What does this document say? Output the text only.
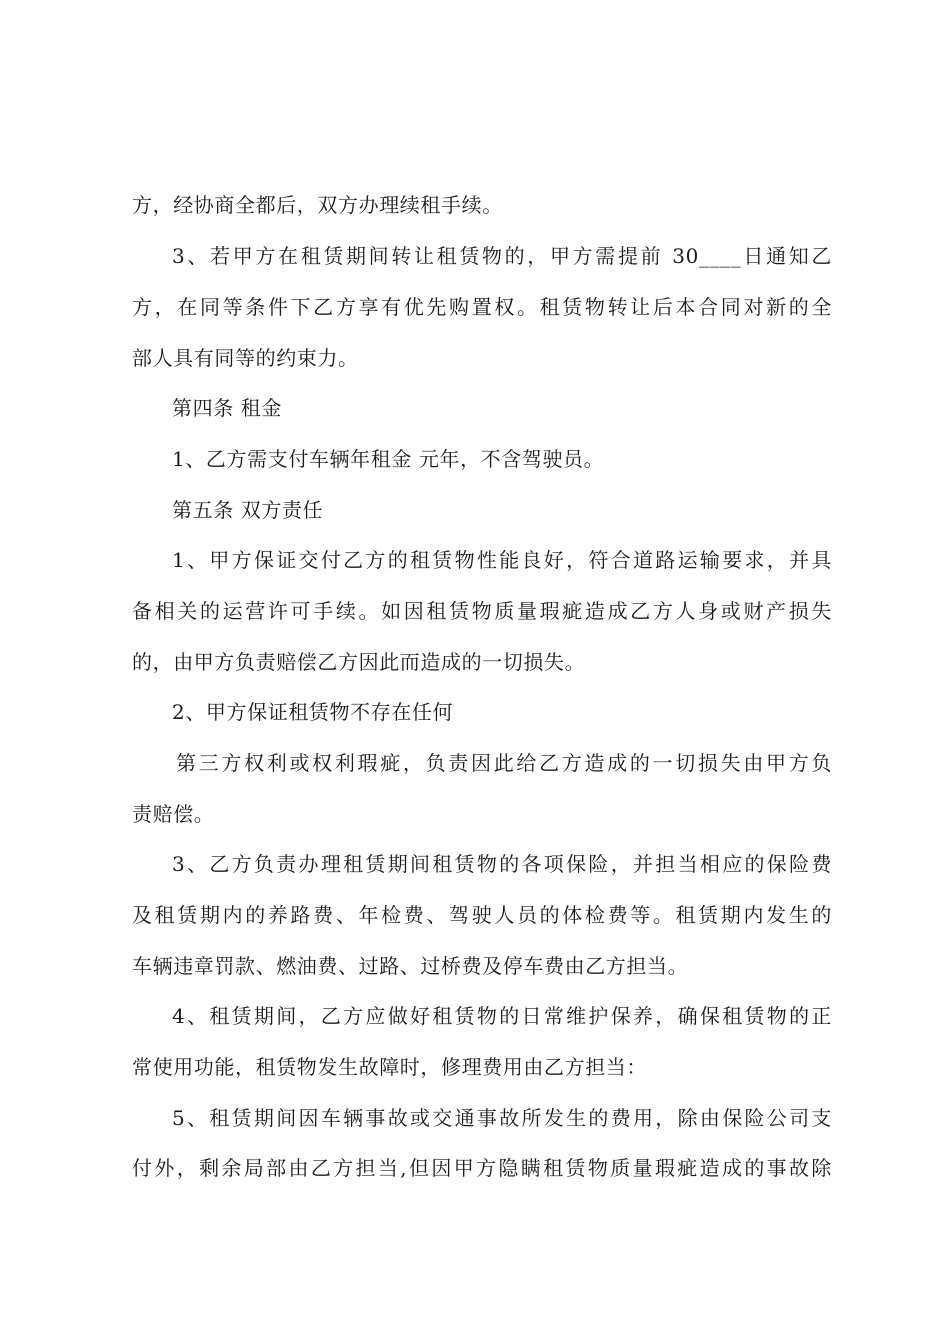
方，经协商全都后，双方办理续租手续。
3、若甲方在租赁期间转让租赁物的，甲方需提前 30____日通知乙
方，在同等条件下乙方享有优先购置权。租赁物转让后本合同对新的全
部人具有同等的约束力。
第四条 租金
1、乙方需支付车辆年租金 元年，不含驾驶员。
第五条 双方责任
1、甲方保证交付乙方的租赁物性能良好，符合道路运输要求，并具
备相关的运营许可手续。如因租赁物质量瑕疵造成乙方人身或财产损失
的，由甲方负责赔偿乙方因此而造成的一切损失。
2、甲方保证租赁物不存在任何
第三方权利或权利瑕疵，负责因此给乙方造成的一切损失由甲方负
责赔偿。
3、乙方负责办理租赁期间租赁物的各项保险，并担当相应的保险费
及租赁期内的养路费、年检费、驾驶人员的体检费等。租赁期内发生的
车辆违章罚款、燃油费、过路、过桥费及停车费由乙方担当。
4、租赁期间，乙方应做好租赁物的日常维护保养，确保租赁物的正
常使用功能，租赁物发生故障时，修理费用由乙方担当：
5、租赁期间因车辆事故或交通事故所发生的费用，除由保险公司支
付外，剩余局部由乙方担当,但因甲方隐瞒租赁物质量瑕疵造成的事故除
